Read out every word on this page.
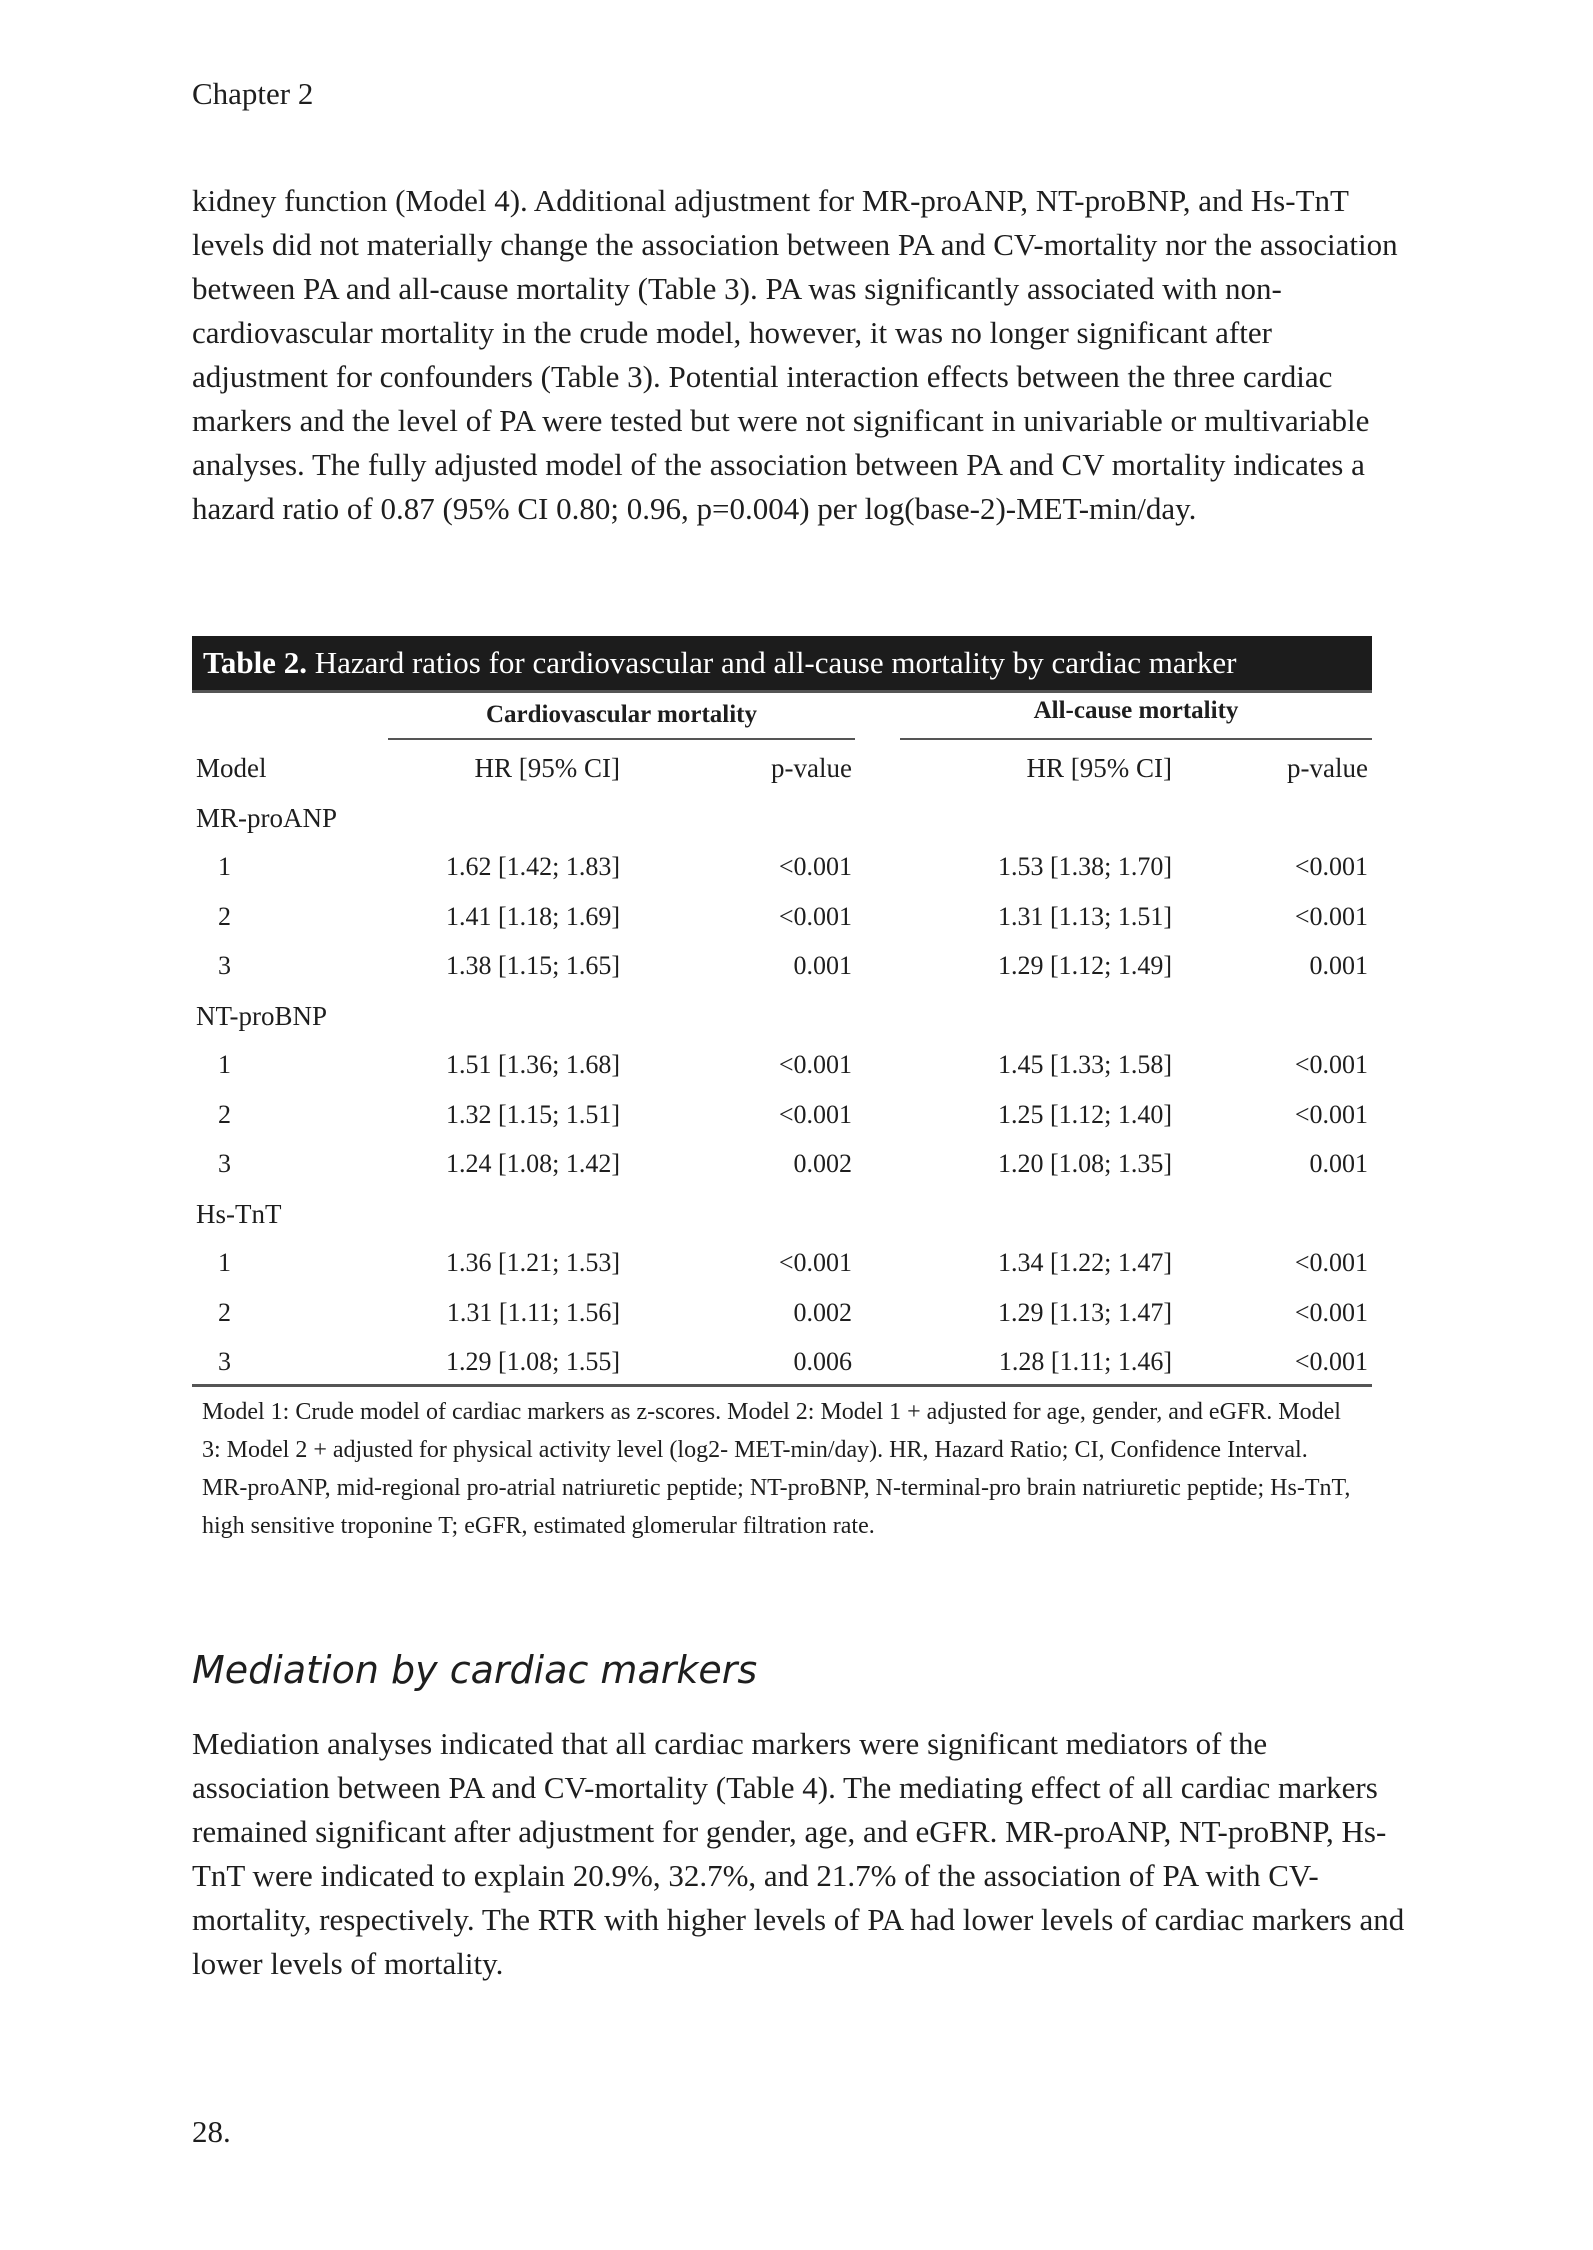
Chapter 2

kidney function (Model 4). Additional adjustment for MR-proANP, NT-proBNP, and Hs-TnT levels did not materially change the association between PA and CV-mortality nor the association between PA and all-cause mortality (Table 3). PA was significantly associated with non-cardiovascular mortality in the crude model, however, it was no longer significant after adjustment for confounders (Table 3). Potential interaction effects between the three cardiac markers and the level of PA were tested but were not significant in univariable or multivariable analyses. The fully adjusted model of the association between PA and CV mortality indicates a hazard ratio of 0.87 (95% CI 0.80; 0.96, p=0.004) per log(base-2)-MET-min/day.

Table 2. Hazard ratios for cardiovascular and all-cause mortality by cardiac marker
Cardiovascular mortality	All-cause mortality
Model	HR [95% CI]	p-value	HR [95% CI]	p-value
MR-proANP
1	1.62 [1.42; 1.83]	<0.001	1.53 [1.38; 1.70]	<0.001
2	1.41 [1.18; 1.69]	<0.001	1.31 [1.13; 1.51]	<0.001
3	1.38 [1.15; 1.65]	0.001	1.29 [1.12; 1.49]	0.001
NT-proBNP
1	1.51 [1.36; 1.68]	<0.001	1.45 [1.33; 1.58]	<0.001
2	1.32 [1.15; 1.51]	<0.001	1.25 [1.12; 1.40]	<0.001
3	1.24 [1.08; 1.42]	0.002	1.20 [1.08; 1.35]	0.001
Hs-TnT
1	1.36 [1.21; 1.53]	<0.001	1.34 [1.22; 1.47]	<0.001
2	1.31 [1.11; 1.56]	0.002	1.29 [1.13; 1.47]	<0.001
3	1.29 [1.08; 1.55]	0.006	1.28 [1.11; 1.46]	<0.001

Model 1: Crude model of cardiac markers as z-scores. Model 2: Model 1 + adjusted for age, gender, and eGFR. Model 3: Model 2 + adjusted for physical activity level (log2- MET-min/day). HR, Hazard Ratio; CI, Confidence Interval. MR-proANP, mid-regional pro-atrial natriuretic peptide; NT-proBNP, N-terminal-pro brain natriuretic peptide; Hs-TnT, high sensitive troponine T; eGFR, estimated glomerular filtration rate.

Mediation by cardiac markers

Mediation analyses indicated that all cardiac markers were significant mediators of the association between PA and CV-mortality (Table 4). The mediating effect of all cardiac markers remained significant after adjustment for gender, age, and eGFR. MR-proANP, NT-proBNP, Hs-TnT were indicated to explain 20.9%, 32.7%, and 21.7% of the association of PA with CV-mortality, respectively. The RTR with higher levels of PA had lower levels of cardiac markers and lower levels of mortality.

28.
